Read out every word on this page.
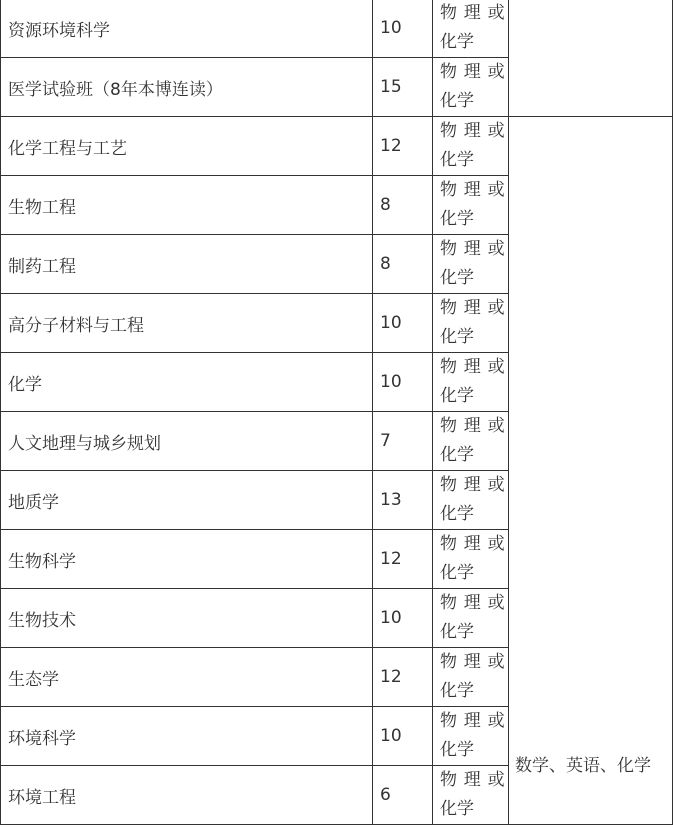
资源环境科学	10	物理或
化学	

医学试验班（8年本博连读）	15	物理或
化学	

化学工程与工艺	12	物理或
化学	数学、英语、化学
生物工程	8	物理或
化学	

制药工程	8	物理或
化学	

高分子材料与工程	10	物理或
化学	

化学	10	物理或
化学	

人文地理与城乡规划	7	物理或
化学	

地质学	13	物理或
化学	

生物科学	12	物理或
化学	

生物技术	10	物理或
化学	

生态学	12	物理或
化学	

环境科学	10	物理或
化学	

环境工程	6	物理或
化学	
